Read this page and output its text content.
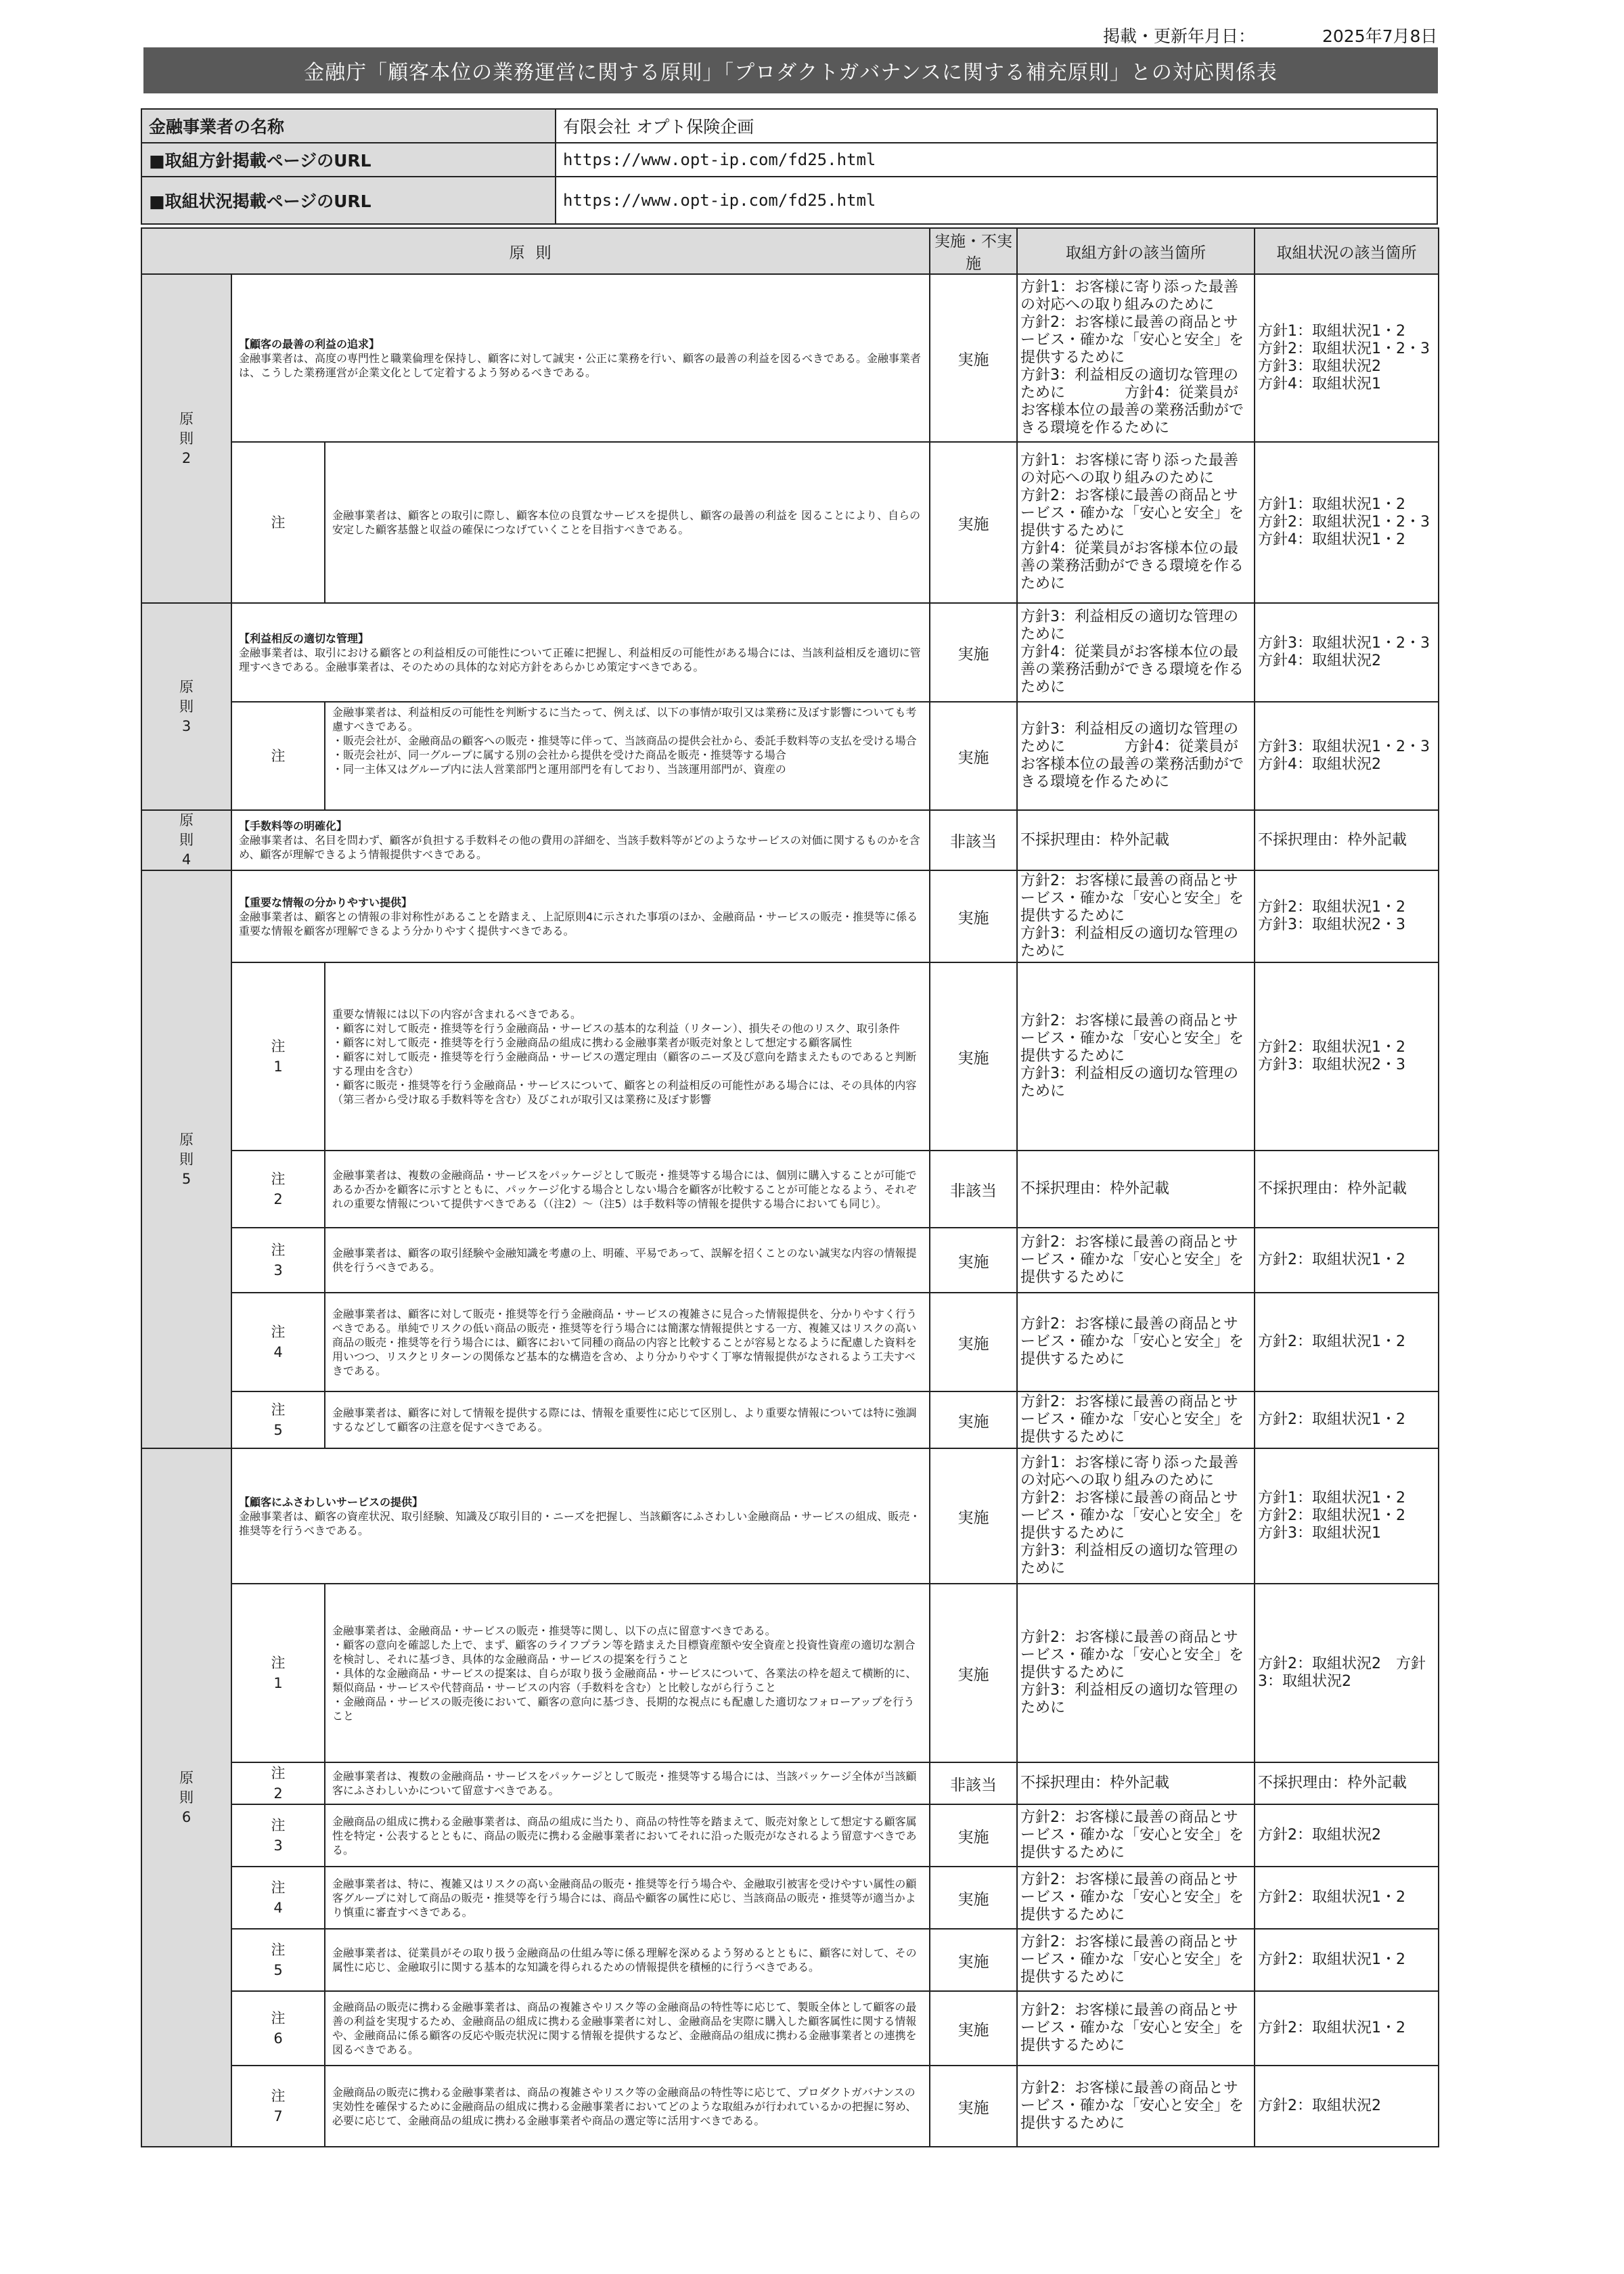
掲載・更新年月日：	2025年7月8日
金融庁「顧客本位の業務運営に関する原則」「プロダクトガバナンスに関する補充原則」との対応関係表
金融事業者の名称	有限会社 オプト保険企画
■取組方針掲載ページのURL	https://www.opt-ip.com/fd25.html
■取組状況掲載ページのURL	https://www.opt-ip.com/fd25.html
原則			実施・不実施	取組方針の該当箇所	取組状況の該当箇所
原則2	【顧客の最善の利益の追求】
金融事業者は、高度の専門性と職業倫理を保持し、顧客に対して誠実・公正に業務を行い、顧客の最善の利益を図るべきである。金融事業者は、こうした業務運営が企業文化として定着するよう努めるべきである。		実施	方針1：お客様に寄り添った最善の対応への取り組みのために
方針2：お客様に最善の商品とサービス・確かな「安心と安全」を提供するために
方針3：利益相反の適切な管理のために　　　　方針4：従業員がお客様本位の最善の業務活動ができる環境を作るために	方針1：取組状況1・2
方針2：取組状況1・2・3
方針3：取組状況2
方針4：取組状況1
	注	金融事業者は、顧客との取引に際し、顧客本位の良質なサービスを提供し、顧客の最善の利益を 図ることにより、自らの安定した顧客基盤と収益の確保につなげていくことを目指すべきである。	実施	方針1：お客様に寄り添った最善の対応への取り組みのために
方針2：お客様に最善の商品とサービス・確かな「安心と安全」を提供するために
方針4：従業員がお客様本位の最善の業務活動ができる環境を作るために	方針1：取組状況1・2
方針2：取組状況1・2・3
方針4：取組状況1・2
原則3	【利益相反の適切な管理】
金融事業者は、取引における顧客との利益相反の可能性について正確に把握し、利益相反の可能性がある場合には、当該利益相反を適切に管理すべきである。金融事業者は、そのための具体的な対応方針をあらかじめ策定すべきである。		実施	方針3：利益相反の適切な管理のために
方針4：従業員がお客様本位の最善の業務活動ができる環境を作るために	方針3：取組状況1・2・3
方針4：取組状況2
	注	金融事業者は、利益相反の可能性を判断するに当たって、例えば、以下の事情が取引又は業務に及ぼす影響についても考慮すべきである。
・販売会社が、金融商品の顧客への販売・推奨等に伴って、当該商品の提供会社から、委託手数料等の支払を受ける場合
・販売会社が、同一グループに属する別の会社から提供を受けた商品を販売・推奨等する場合
・同一主体又はグループ内に法人営業部門と運用部門を有しており、当該運用部門が、資産の	実施	方針3：利益相反の適切な管理のために　　　　方針4：従業員がお客様本位の最善の業務活動ができる環境を作るために	方針3：取組状況1・2・3
方針4：取組状況2
原則4	【手数料等の明確化】
金融事業者は、名目を問わず、顧客が負担する手数料その他の費用の詳細を、当該手数料等がどのようなサービスの対価に関するものかを含め、顧客が理解できるよう情報提供すべきである。		非該当	不採択理由：枠外記載	不採択理由：枠外記載
原則5	【重要な情報の分かりやすい提供】
金融事業者は、顧客との情報の非対称性があることを踏まえ、上記原則4に示された事項のほか、金融商品・サービスの販売・推奨等に係る重要な情報を顧客が理解できるよう分かりやすく提供すべきである。		実施	方針2：お客様に最善の商品とサービス・確かな「安心と安全」を提供するために
方針3：利益相反の適切な管理のために	方針2：取組状況1・2
方針3：取組状況2・3
	注1	重要な情報には以下の内容が含まれるべきである。
・顧客に対して販売・推奨等を行う金融商品・サービスの基本的な利益（リターン）、損失その他のリスク、取引条件
・顧客に対して販売・推奨等を行う金融商品の組成に携わる金融事業者が販売対象として想定する顧客属性
・顧客に対して販売・推奨等を行う金融商品・サービスの選定理由（顧客のニーズ及び意向を踏まえたものであると判断する理由を含む）
・顧客に販売・推奨等を行う金融商品・サービスについて、顧客との利益相反の可能性がある場合には、その具体的内容（第三者から受け取る手数料等を含む）及びこれが取引又は業務に及ぼす影響	実施	方針2：お客様に最善の商品とサービス・確かな「安心と安全」を提供するために
方針3：利益相反の適切な管理のために	方針2：取組状況1・2
方針3：取組状況2・3
	注2	金融事業者は、複数の金融商品・サービスをパッケージとして販売・推奨等する場合には、個別に購入することが可能であるか否かを顧客に示すとともに、パッケージ化する場合としない場合を顧客が比較することが可能となるよう、それぞれの重要な情報について提供すべきである（（注2）～（注5）は手数料等の情報を提供する場合においても同じ）。	非該当	不採択理由：枠外記載	不採択理由：枠外記載
	注3	金融事業者は、顧客の取引経験や金融知識を考慮の上、明確、平易であって、誤解を招くことのない誠実な内容の情報提供を行うべきである。	実施	方針2：お客様に最善の商品とサービス・確かな「安心と安全」を提供するために	方針2：取組状況1・2
	注4	金融事業者は、顧客に対して販売・推奨等を行う金融商品・サービスの複雑さに見合った情報提供を、分かりやすく行うべきである。単純でリスクの低い商品の販売・推奨等を行う場合には簡潔な情報提供とする一方、複雑又はリスクの高い商品の販売・推奨等を行う場合には、顧客において同種の商品の内容と比較することが容易となるように配慮した資料を用いつつ、リスクとリターンの関係など基本的な構造を含め、より分かりやすく丁寧な情報提供がなされるよう工夫すべきである。	実施	方針2：お客様に最善の商品とサービス・確かな「安心と安全」を提供するために	方針2：取組状況1・2
	注5	金融事業者は、顧客に対して情報を提供する際には、情報を重要性に応じて区別し、より重要な情報については特に強調するなどして顧客の注意を促すべきである。	実施	方針2：お客様に最善の商品とサービス・確かな「安心と安全」を提供するために	方針2：取組状況1・2
原則6	【顧客にふさわしいサービスの提供】
金融事業者は、顧客の資産状況、取引経験、知識及び取引目的・ニーズを把握し、当該顧客にふさわしい金融商品・サービスの組成、販売・推奨等を行うべきである。		実施	方針1：お客様に寄り添った最善の対応への取り組みのために
方針2：お客様に最善の商品とサービス・確かな「安心と安全」を提供するために
方針3：利益相反の適切な管理のために	方針1：取組状況1・2
方針2：取組状況1・2
方針3：取組状況1
	注1	金融事業者は、金融商品・サービスの販売・推奨等に関し、以下の点に留意すべきである。
・顧客の意向を確認した上で、まず、顧客のライフプラン等を踏まえた目標資産額や安全資産と投資性資産の適切な割合を検討し、それに基づき、具体的な金融商品・サービスの提案を行うこと
・具体的な金融商品・サービスの提案は、自らが取り扱う金融商品・サービスについて、各業法の枠を超えて横断的に、類似商品・サービスや代替商品・サービスの内容（手数料を含む）と比較しながら行うこと
・金融商品・サービスの販売後において、顧客の意向に基づき、長期的な視点にも配慮した適切なフォローアップを行うこと	実施	方針2：お客様に最善の商品とサービス・確かな「安心と安全」を提供するために
方針3：利益相反の適切な管理のために	方針2：取組状況2　方針3：取組状況2
	注2	金融事業者は、複数の金融商品・サービスをパッケージとして販売・推奨等する場合には、当該パッケージ全体が当該顧客にふさわしいかについて留意すべきである。	非該当	不採択理由：枠外記載	不採択理由：枠外記載
	注3	金融商品の組成に携わる金融事業者は、商品の組成に当たり、商品の特性等を踏まえて、販売対象として想定する顧客属性を特定・公表するとともに、商品の販売に携わる金融事業者においてそれに沿った販売がなされるよう留意すべきである。	実施	方針2：お客様に最善の商品とサービス・確かな「安心と安全」を提供するために	方針2：取組状況2
	注4	金融事業者は、特に、複雑又はリスクの高い金融商品の販売・推奨等を行う場合や、金融取引被害を受けやすい属性の顧客グループに対して商品の販売・推奨等を行う場合には、商品や顧客の属性に応じ、当該商品の販売・推奨等が適当かより慎重に審査すべきである。	実施	方針2：お客様に最善の商品とサービス・確かな「安心と安全」を提供するために	方針2：取組状況1・2
	注5	金融事業者は、従業員がその取り扱う金融商品の仕組み等に係る理解を深めるよう努めるとともに、顧客に対して、その属性に応じ、金融取引に関する基本的な知識を得られるための情報提供を積極的に行うべきである。	実施	方針2：お客様に最善の商品とサービス・確かな「安心と安全」を提供するために	方針2：取組状況1・2
	注6	金融商品の販売に携わる金融事業者は、商品の複雑さやリスク等の金融商品の特性等に応じて、製販全体として顧客の最善の利益を実現するため、金融商品の組成に携わる金融事業者に対し、金融商品を実際に購入した顧客属性に関する情報や、金融商品に係る顧客の反応や販売状況に関する情報を提供するなど、金融商品の組成に携わる金融事業者との連携を図るべきである。	実施	方針2：お客様に最善の商品とサービス・確かな「安心と安全」を提供するために	方針2：取組状況1・2
	注7	金融商品の販売に携わる金融事業者は、商品の複雑さやリスク等の金融商品の特性等に応じて、プロダクトガバナンスの実効性を確保するために金融商品の組成に携わる金融事業者においてどのような取組みが行われているかの把握に努め、必要に応じて、金融商品の組成に携わる金融事業者や商品の選定等に活用すべきである。	実施	方針2：お客様に最善の商品とサービス・確かな「安心と安全」を提供するために	方針2：取組状況2
